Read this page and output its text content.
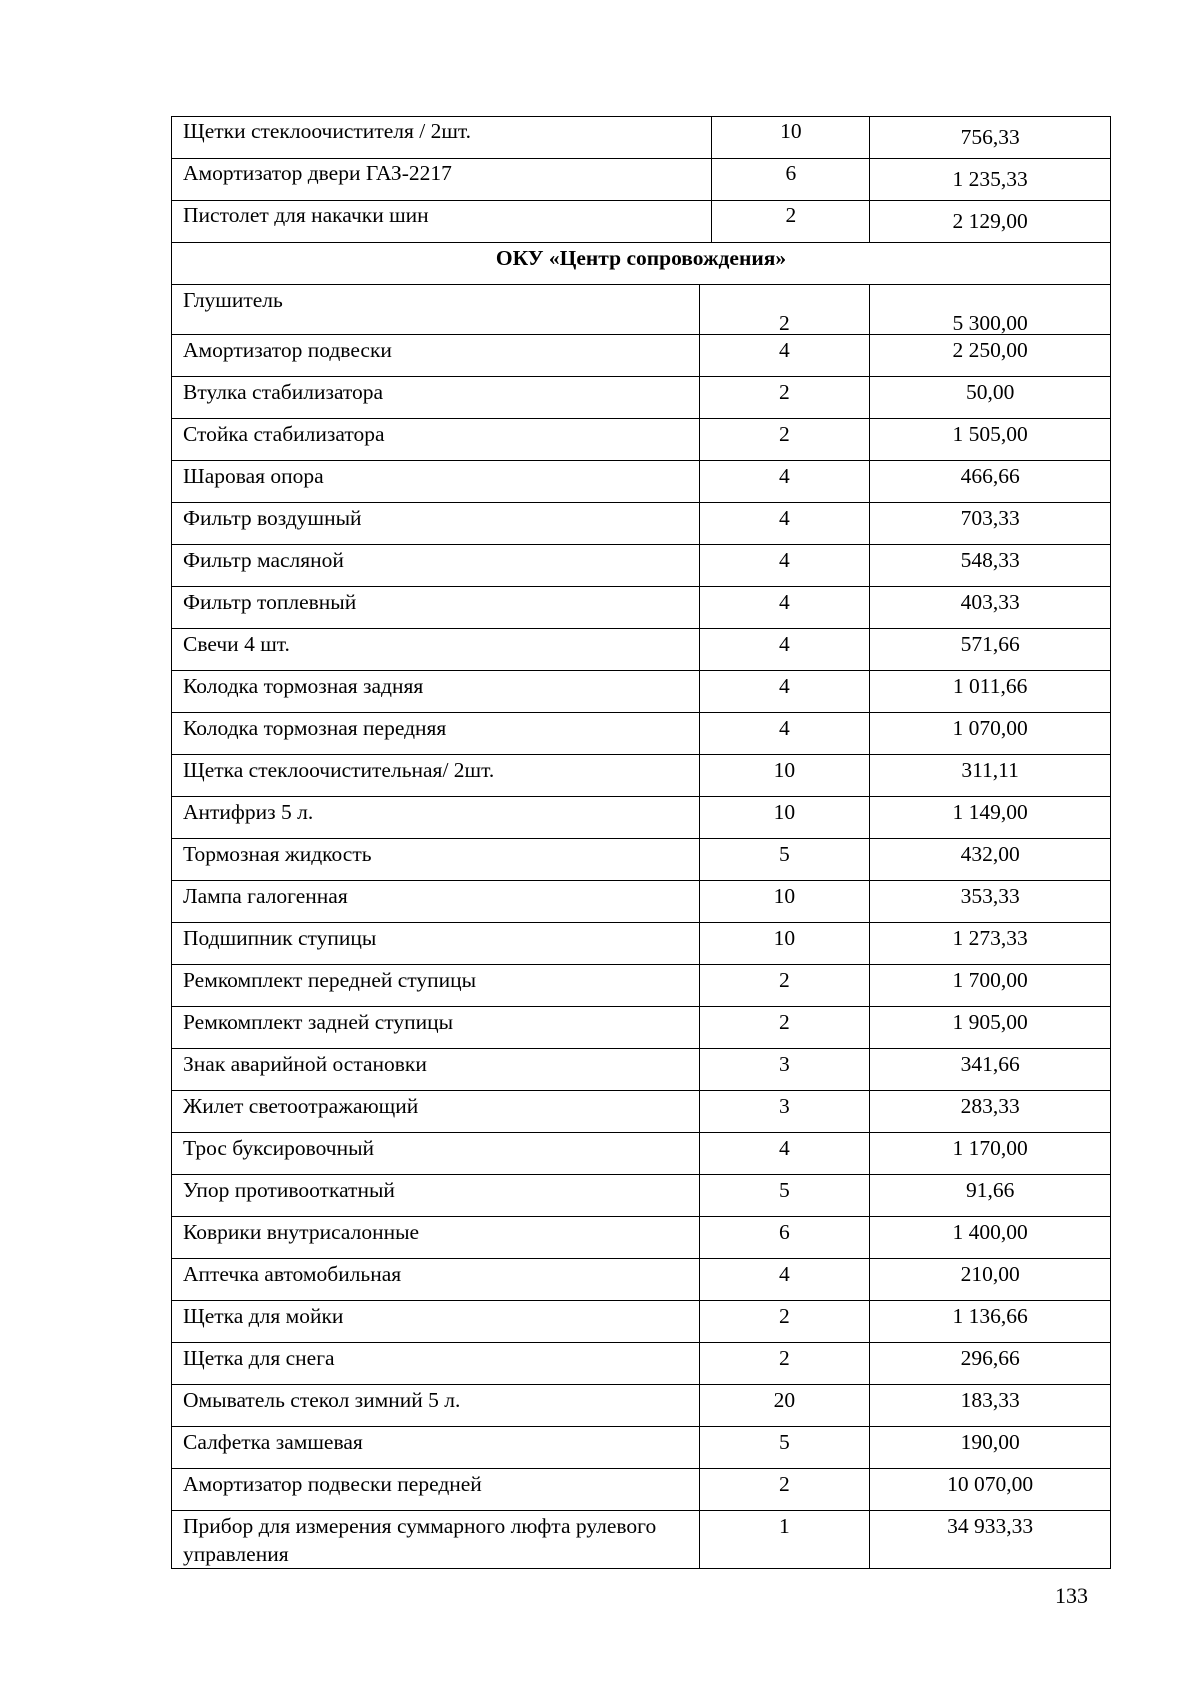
Щетки стеклоочистителя / 2шт.	10	756,33
Амортизатор двери ГАЗ-2217	6	1 235,33
Пистолет для накачки шин	2	2 129,00
ОКУ «Центр сопровождения»		
Глушитель	2	5 300,00
Амортизатор подвески	4	2 250,00
Втулка стабилизатора	2	50,00
Стойка стабилизатора	2	1 505,00
Шаровая опора	4	466,66
Фильтр воздушный	4	703,33
Фильтр масляной	4	548,33
Фильтр топлевный	4	403,33
Свечи 4 шт.	4	571,66
Колодка тормозная задняя	4	1 011,66
Колодка тормозная передняя	4	1 070,00
Щетка стеклоочистительная/ 2шт.	10	311,11
Антифриз 5 л.	10	1 149,00
Тормозная жидкость	5	432,00
Лампа галогенная	10	353,33
Подшипник ступицы	10	1 273,33
Ремкомплект передней ступицы	2	1 700,00
Ремкомплект задней ступицы	2	1 905,00
Знак аварийной остановки	3	341,66
Жилет светоотражающий	3	283,33
Трос буксировочный	4	1 170,00
Упор противооткатный	5	91,66
Коврики внутрисалонные	6	1 400,00
Аптечка автомобильная	4	210,00
Щетка для мойки	2	1 136,66
Щетка для снега	2	296,66
Омыватель стекол зимний 5 л.	20	183,33
Салфетка замшевая	5	190,00
Амортизатор подвески передней	2	10 070,00
Прибор для измерения суммарного люфта рулевого управления	1	34 933,33
133
